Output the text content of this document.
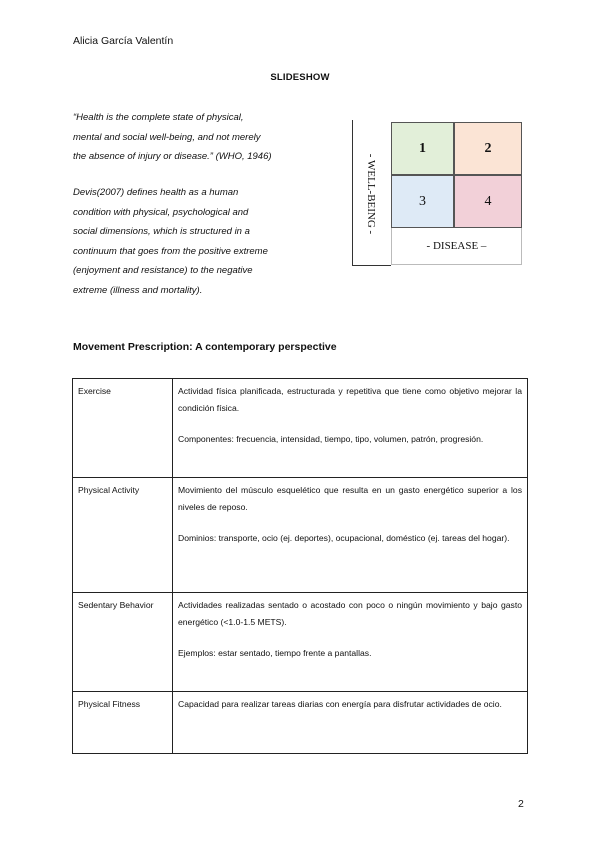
Alicia García Valentín
SLIDESHOW
“Health is the complete state of physical,
mental and social well-being, and not merely
the absence of injury or disease.” (WHO, 1946)
Devis(2007) defines health as a human
condition with physical, psychological and
social dimensions, which is structured in a
continuum that goes from the positive extreme
(enjoyment and resistance) to the negative
extreme (illness and mortality).
- WELL-BEING -
1	2
3	4
- DISEASE –
Movement Prescription: A contemporary perspective
Exercise	Actividad física planificada, estructurada y repetitiva que tiene como objetivo mejorar la condición física.

Componentes: frecuencia, intensidad, tiempo, tipo, volumen, patrón, progresión.

Physical Activity	Movimiento del músculo esquelético que resulta en un gasto energético superior a los niveles de reposo.

Dominios: transporte, ocio (ej. deportes), ocupacional, doméstico (ej. tareas del hogar).

Sedentary Behavior	Actividades realizadas sentado o acostado con poco o ningún movimiento y bajo gasto energético (<1.0-1.5 METS).

Ejemplos: estar sentado, tiempo frente a pantallas.

Physical Fitness	Capacidad para realizar tareas diarias con energía para disfrutar actividades de ocio.

2
